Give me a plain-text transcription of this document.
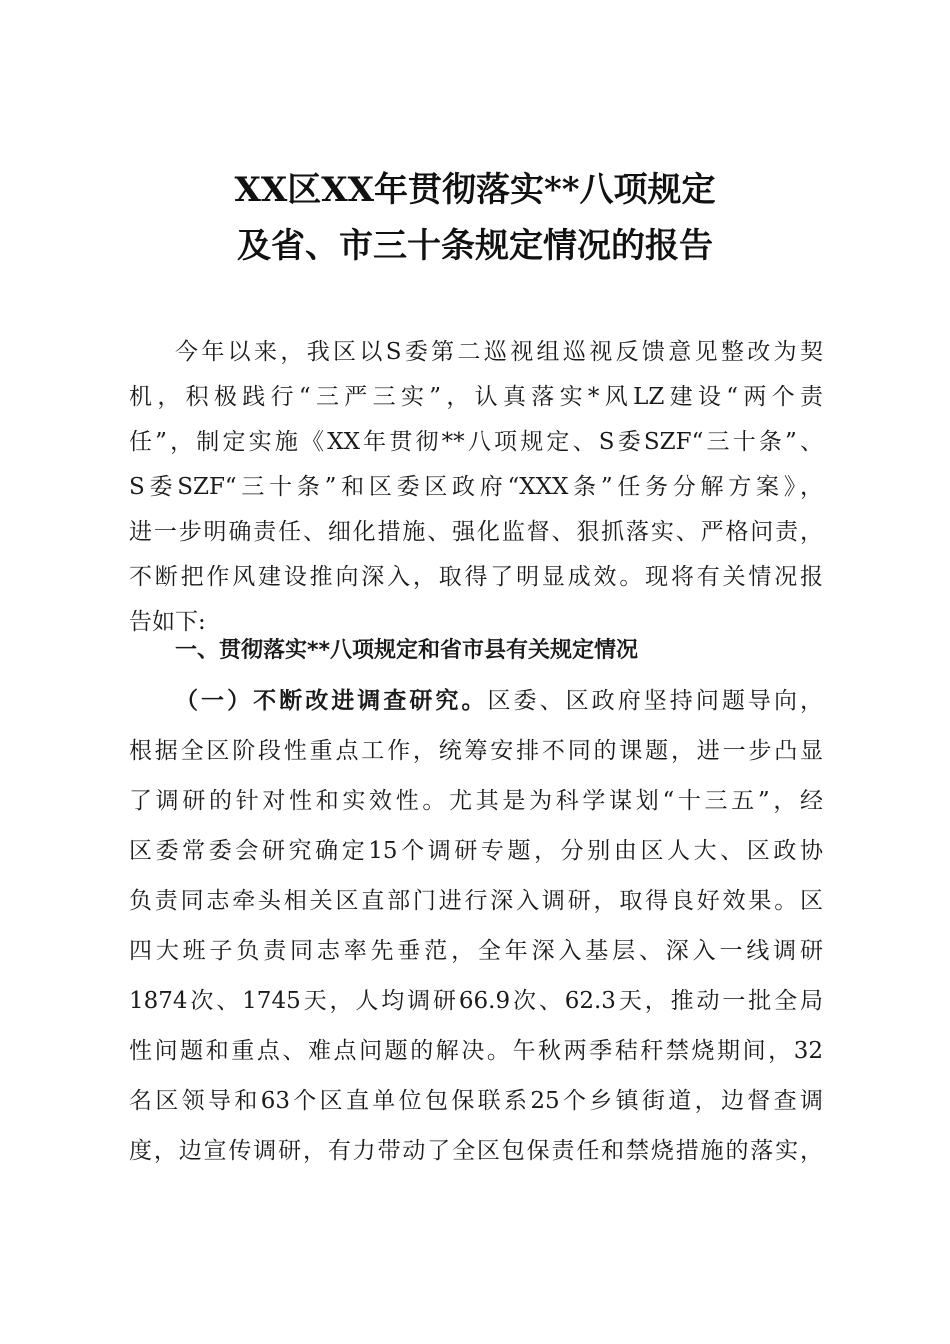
XX区XX年贯彻落实**八项规定
及省、市三十条规定情况的报告
今年以来，我区以S委第二巡视组巡视反馈意见整改为契
机，积极践行“三严三实”，认真落实*风LZ建设“两个责
任”，制定实施《XX年贯彻**八项规定、S委SZF“三十条”、
S委SZF“三十条”和区委区政府“XXX条”任务分解方案》，
进一步明确责任、细化措施、强化监督、狠抓落实、严格问责，
不断把作风建设推向深入，取得了明显成效。现将有关情况报
告如下:
一、贯彻落实**八项规定和省市县有关规定情况
（一）不断改进调查研究。区委、区政府坚持问题导向，
根据全区阶段性重点工作，统筹安排不同的课题，进一步凸显
了调研的针对性和实效性。尤其是为科学谋划“十三五”，经
区委常委会研究确定15个调研专题，分别由区人大、区政协
负责同志牵头相关区直部门进行深入调研，取得良好效果。区
四大班子负责同志率先垂范，全年深入基层、深入一线调研
1874次、1745天，人均调研66.9次、62.3天，推动一批全局
性问题和重点、难点问题的解决。午秋两季秸秆禁烧期间，32
名区领导和63个区直单位包保联系25个乡镇街道，边督查调
度，边宣传调研，有力带动了全区包保责任和禁烧措施的落实，
